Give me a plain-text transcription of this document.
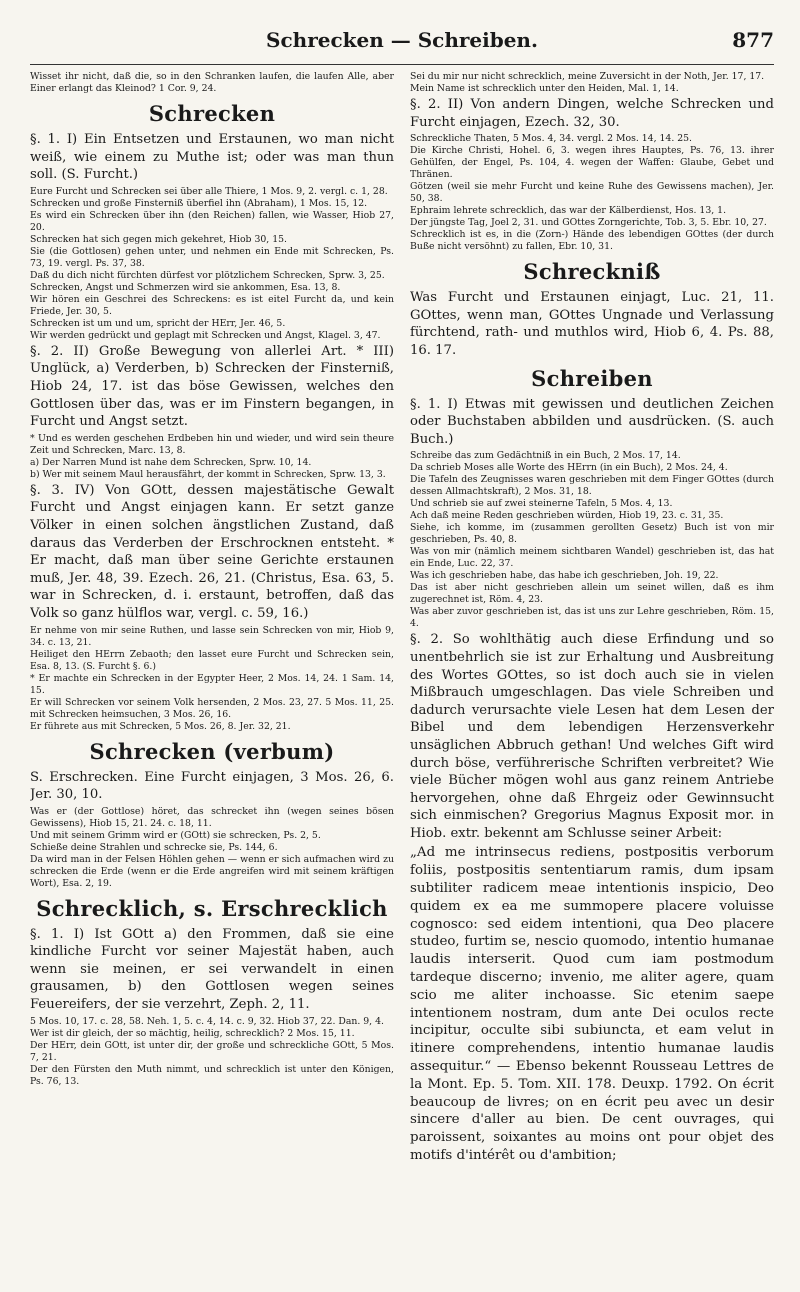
Schrecken — Schreiben.	877

Wisset ihr nicht, daß die, so in den Schranken laufen, die laufen Alle, aber Einer erlangt das Kleinod? 1 Cor. 9, 24.

Schrecken

§. 1. I) Ein Entsetzen und Erstaunen, wo man nicht weiß, wie einem zu Muthe ist; oder was man thun soll. (S. Furcht.)

Eure Furcht und Schrecken sei über alle Thiere, 1 Mos. 9, 2. vergl. c. 1, 28.

Schrecken und große Finsterniß überfiel ihn (Abraham), 1 Mos. 15, 12.

Es wird ein Schrecken über ihn (den Reichen) fallen, wie Wasser, Hiob 27, 20.

Schrecken hat sich gegen mich gekehret, Hiob 30, 15.

Sie (die Gottlosen) gehen unter, und nehmen ein Ende mit Schrecken, Ps. 73, 19. vergl. Ps. 37, 38.

Daß du dich nicht fürchten dürfest vor plötzlichem Schrecken, Sprw. 3, 25.

Schrecken, Angst und Schmerzen wird sie ankommen, Esa. 13, 8.

Wir hören ein Geschrei des Schreckens: es ist eitel Furcht da, und kein Friede, Jer. 30, 5.

Schrecken ist um und um, spricht der HErr, Jer. 46, 5.

Wir werden gedrückt und geplagt mit Schrecken und Angst, Klagel. 3, 47.

§. 2. II) Große Bewegung von allerlei Art. * III) Unglück, a) Verderben, b) Schrecken der Finsterniß, Hiob 24, 17. ist das böse Gewissen, welches den Gottlosen über das, was er im Finstern begangen, in Furcht und Angst setzt.

* Und es werden geschehen Erdbeben hin und wieder, und wird sein theure Zeit und Schrecken, Marc. 13, 8.

a) Der Narren Mund ist nahe dem Schrecken, Sprw. 10, 14.

b) Wer mit seinem Maul herausfährt, der kommt in Schrecken, Sprw. 13, 3.

§. 3. IV) Von GOtt, dessen majestätische Gewalt Furcht und Angst einjagen kann. Er setzt ganze Völker in einen solchen ängstlichen Zustand, daß daraus das Verderben der Erschrocknen entsteht. * Er macht, daß man über seine Gerichte erstaunen muß, Jer. 48, 39. Ezech. 26, 21. (Christus, Esa. 63, 5. war in Schrecken, d. i. erstaunt, betroffen, daß das Volk so ganz hülflos war, vergl. c. 59, 16.)

Er nehme von mir seine Ruthen, und lasse sein Schrecken von mir, Hiob 9, 34. c. 13, 21.

Heiliget den HErrn Zebaoth; den lasset eure Furcht und Schrecken sein, Esa. 8, 13. (S. Furcht §. 6.)

* Er machte ein Schrecken in der Egypter Heer, 2 Mos. 14, 24. 1 Sam. 14, 15.

Er will Schrecken vor seinem Volk hersenden, 2 Mos. 23, 27. 5 Mos. 11, 25. mit Schrecken heimsuchen, 3 Mos. 26, 16.

Er führete aus mit Schrecken, 5 Mos. 26, 8. Jer. 32, 21.

Schrecken (verbum)

S. Erschrecken. Eine Furcht einjagen, 3 Mos. 26, 6. Jer. 30, 10.

Was er (der Gottlose) höret, das schrecket ihn (wegen seines bösen Gewissens), Hiob 15, 21. 24. c. 18, 11.

Und mit seinem Grimm wird er (GOtt) sie schrecken, Ps. 2, 5.

Schieße deine Strahlen und schrecke sie, Ps. 144, 6.

Da wird man in der Felsen Höhlen gehen — wenn er sich aufmachen wird zu schrecken die Erde (wenn er die Erde angreifen wird mit seinem kräftigen Wort), Esa. 2, 19.

Schrecklich, s. Erschrecklich

§. 1. I) Ist GOtt a) den Frommen, daß sie eine kindliche Furcht vor seiner Majestät haben, auch wenn sie meinen, er sei verwandelt in einen grausamen, b) den Gottlosen wegen seines Feuereifers, der sie verzehrt, Zeph. 2, 11.

5 Mos. 10, 17. c. 28, 58. Neh. 1, 5. c. 4, 14. c. 9, 32. Hiob 37, 22. Dan. 9, 4.

Wer ist dir gleich, der so mächtig, heilig, schrecklich? 2 Mos. 15, 11.

Der HErr, dein GOtt, ist unter dir, der große und schreckliche GOtt, 5 Mos. 7, 21.

Der den Fürsten den Muth nimmt, und schrecklich ist unter den Königen, Ps. 76, 13.

Sei du mir nur nicht schrecklich, meine Zuversicht in der Noth, Jer. 17, 17.

Mein Name ist schrecklich unter den Heiden, Mal. 1, 14.

§. 2. II) Von andern Dingen, welche Schrecken und Furcht einjagen, Ezech. 32, 30.

Schreckliche Thaten, 5 Mos. 4, 34. vergl. 2 Mos. 14, 14. 25.

Die Kirche Christi, Hohel. 6, 3. wegen ihres Hauptes, Ps. 76, 13. ihrer Gehülfen, der Engel, Ps. 104, 4. wegen der Waffen: Glaube, Gebet und Thränen.

Götzen (weil sie mehr Furcht und keine Ruhe des Gewissens machen), Jer. 50, 38.

Ephraim lehrete schrecklich, das war der Kälberdienst, Hos. 13, 1.

Der jüngste Tag, Joel 2, 31. und GOttes Zorngerichte, Tob. 3, 5. Ebr. 10, 27.

Schrecklich ist es, in die (Zorn-) Hände des lebendigen GOttes (der durch Buße nicht versöhnt) zu fallen, Ebr. 10, 31.

Schreckniß

Was Furcht und Erstaunen einjagt, Luc. 21, 11. GOttes, wenn man, GOttes Ungnade und Verlassung fürchtend, rath- und muthlos wird, Hiob 6, 4. Ps. 88, 16. 17.

Schreiben

§. 1. I) Etwas mit gewissen und deutlichen Zeichen oder Buchstaben abbilden und ausdrücken. (S. auch Buch.)

Schreibe das zum Gedächtniß in ein Buch, 2 Mos. 17, 14.

Da schrieb Moses alle Worte des HErrn (in ein Buch), 2 Mos. 24, 4.

Die Tafeln des Zeugnisses waren geschrieben mit dem Finger GOttes (durch dessen Allmachtskraft), 2 Mos. 31, 18.

Und schrieb sie auf zwei steinerne Tafeln, 5 Mos. 4, 13.

Ach daß meine Reden geschrieben würden, Hiob 19, 23. c. 31, 35.

Siehe, ich komme, im (zusammen gerollten Gesetz) Buch ist von mir geschrieben, Ps. 40, 8.

Was von mir (nämlich meinem sichtbaren Wandel) geschrieben ist, das hat ein Ende, Luc. 22, 37.

Was ich geschrieben habe, das habe ich geschrieben, Joh. 19, 22.

Das ist aber nicht geschrieben allein um seinet willen, daß es ihm zugerechnet ist, Röm. 4, 23.

Was aber zuvor geschrieben ist, das ist uns zur Lehre geschrieben, Röm. 15, 4.

§. 2. So wohlthätig auch diese Erfindung und so unentbehrlich sie ist zur Erhaltung und Ausbreitung des Wortes GOttes, so ist doch auch sie in vielen Mißbrauch umgeschlagen. Das viele Schreiben und dadurch verursachte viele Lesen hat dem Lesen der Bibel und dem lebendigen Herzensverkehr unsäglichen Abbruch gethan! Und welches Gift wird durch böse, verführerische Schriften verbreitet? Wie viele Bücher mögen wohl aus ganz reinem Antriebe hervorgehen, ohne daß Ehrgeiz oder Gewinnsucht sich einmischen? Gregorius Magnus Exposit mor. in Hiob. extr. bekennt am Schlusse seiner Arbeit:

„Ad me intrinsecus rediens, postpositis verborum foliis, postpositis sententiarum ramis, dum ipsam subtiliter radicem meae intentionis inspicio, Deo quidem ex ea me summopere placere voluisse cognosco: sed eidem intentioni, qua Deo placere studeo, furtim se, nescio quomodo, intentio humanae laudis interserit. Quod cum iam postmodum tardeque discerno; invenio, me aliter agere, quam scio me aliter inchoasse. Sic etenim saepe intentionem nostram, dum ante Dei oculos recte incipitur, occulte sibi subiuncta, et eam velut in itinere comprehendens, intentio humanae laudis assequitur.“ — Ebenso bekennt Rousseau Lettres de la Mont. Ep. 5. Tom. XII. 178. Deuxp. 1792. On écrit beaucoup de livres; on en écrit peu avec un desir sincere d'aller au bien. De cent ouvrages, qui paroissent, soixantes au moins ont pour objet des motifs d'intérêt ou d'ambition;
